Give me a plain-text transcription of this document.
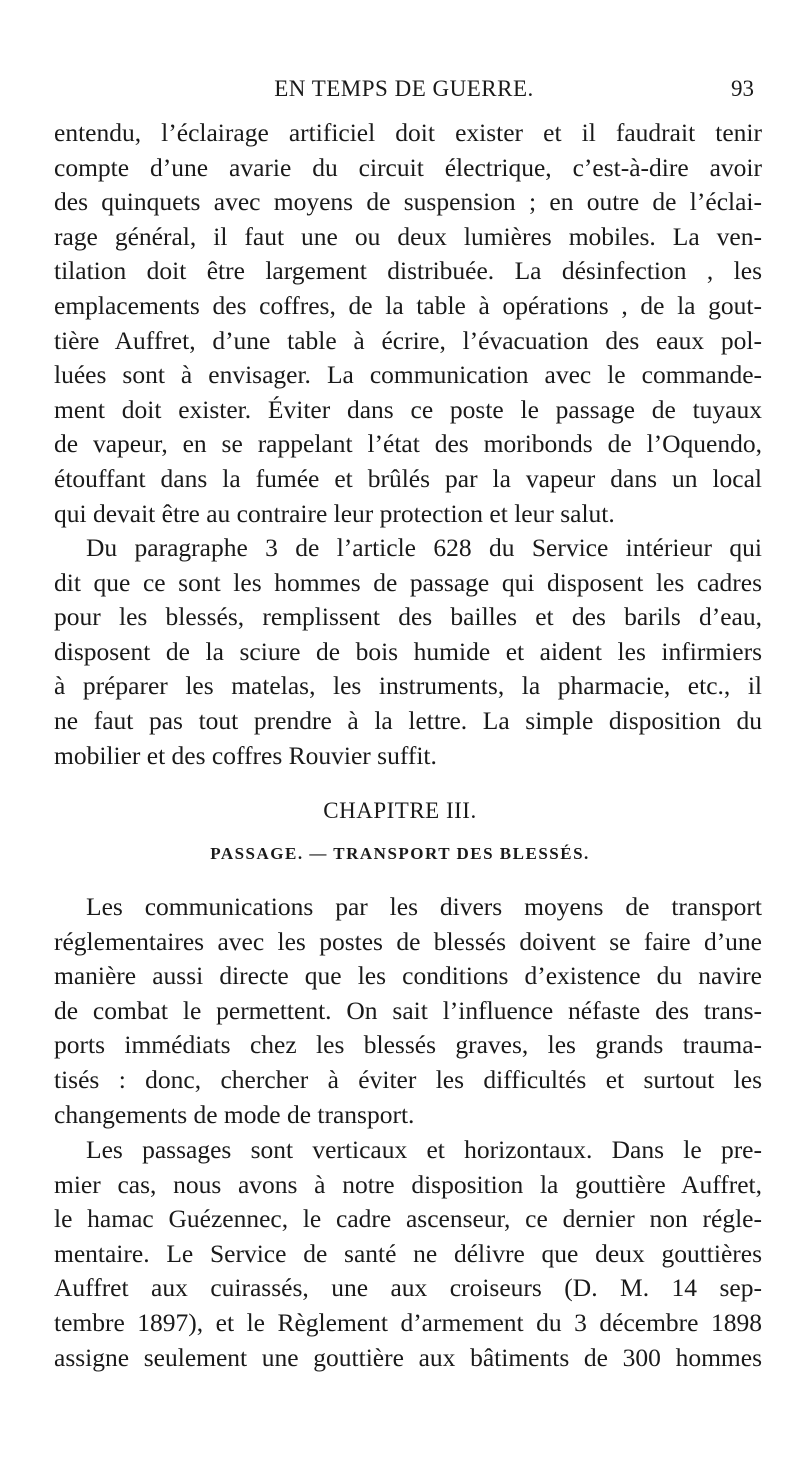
EN TEMPS DE GUERRE.	93
entendu, l’éclairage artificiel doit exister et il faudrait tenir
compte d’une avarie du circuit électrique, c’est-à-dire avoir
des quinquets avec moyens de suspension ; en outre de l’éclai-
rage général, il faut une ou deux lumières mobiles. La ven-
tilation doit être largement distribuée. La désinfection , les
emplacements des coffres, de la table à opérations , de la gout-
tière Auffret, d’une table à écrire, l’évacuation des eaux pol-
luées sont à envisager. La communication avec le commande-
ment doit exister. Éviter dans ce poste le passage de tuyaux
de vapeur, en se rappelant l’état des moribonds de l’Oquendo,
étouffant dans la fumée et brûlés par la vapeur dans un local
qui devait être au contraire leur protection et leur salut.
Du paragraphe 3 de l’article 628 du Service intérieur qui
dit que ce sont les hommes de passage qui disposent les cadres
pour les blessés, remplissent des bailles et des barils d’eau,
disposent de la sciure de bois humide et aident les infirmiers
à préparer les matelas, les instruments, la pharmacie, etc., il
ne faut pas tout prendre à la lettre. La simple disposition du
mobilier et des coffres Rouvier suffit.
CHAPITRE III.
PASSAGE. — TRANSPORT DES BLESSÉS.
Les communications par les divers moyens de transport
réglementaires avec les postes de blessés doivent se faire d’une
manière aussi directe que les conditions d’existence du navire
de combat le permettent. On sait l’influence néfaste des trans-
ports immédiats chez les blessés graves, les grands trauma-
tisés : donc, chercher à éviter les difficultés et surtout les
changements de mode de transport.
Les passages sont verticaux et horizontaux. Dans le pre-
mier cas, nous avons à notre disposition la gouttière Auffret,
le hamac Guézennec, le cadre ascenseur, ce dernier non régle-
mentaire. Le Service de santé ne délivre que deux gouttières
Auffret aux cuirassés, une aux croiseurs (D. M. 14 sep-
tembre 1897), et le Règlement d’armement du 3 décembre 1898
assigne seulement une gouttière aux bâtiments de 300 hommes
